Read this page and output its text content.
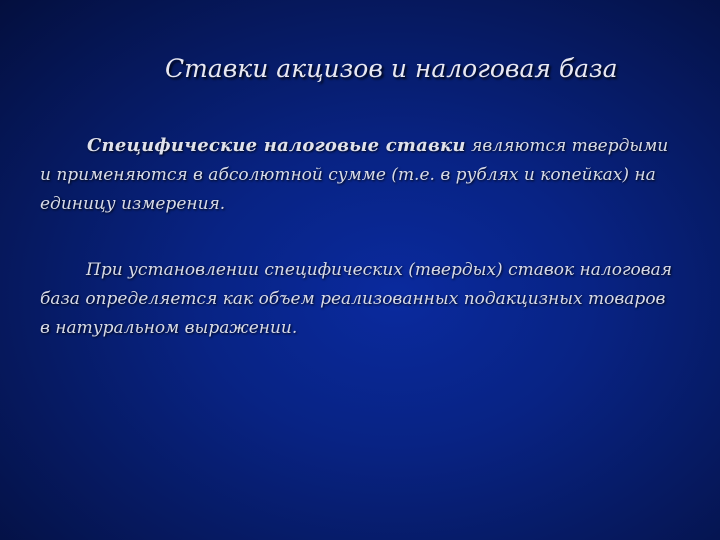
Ставки акцизов и налоговая база

Специфические налоговые ставки являются твердыми и применяются в абсолютной сумме (т.е. в рублях и копейках) на единицу измерения.

При установлении специфических (твердых) ставок налоговая база определяется как объем реализованных подакцизных товаров в натуральном выражении.
